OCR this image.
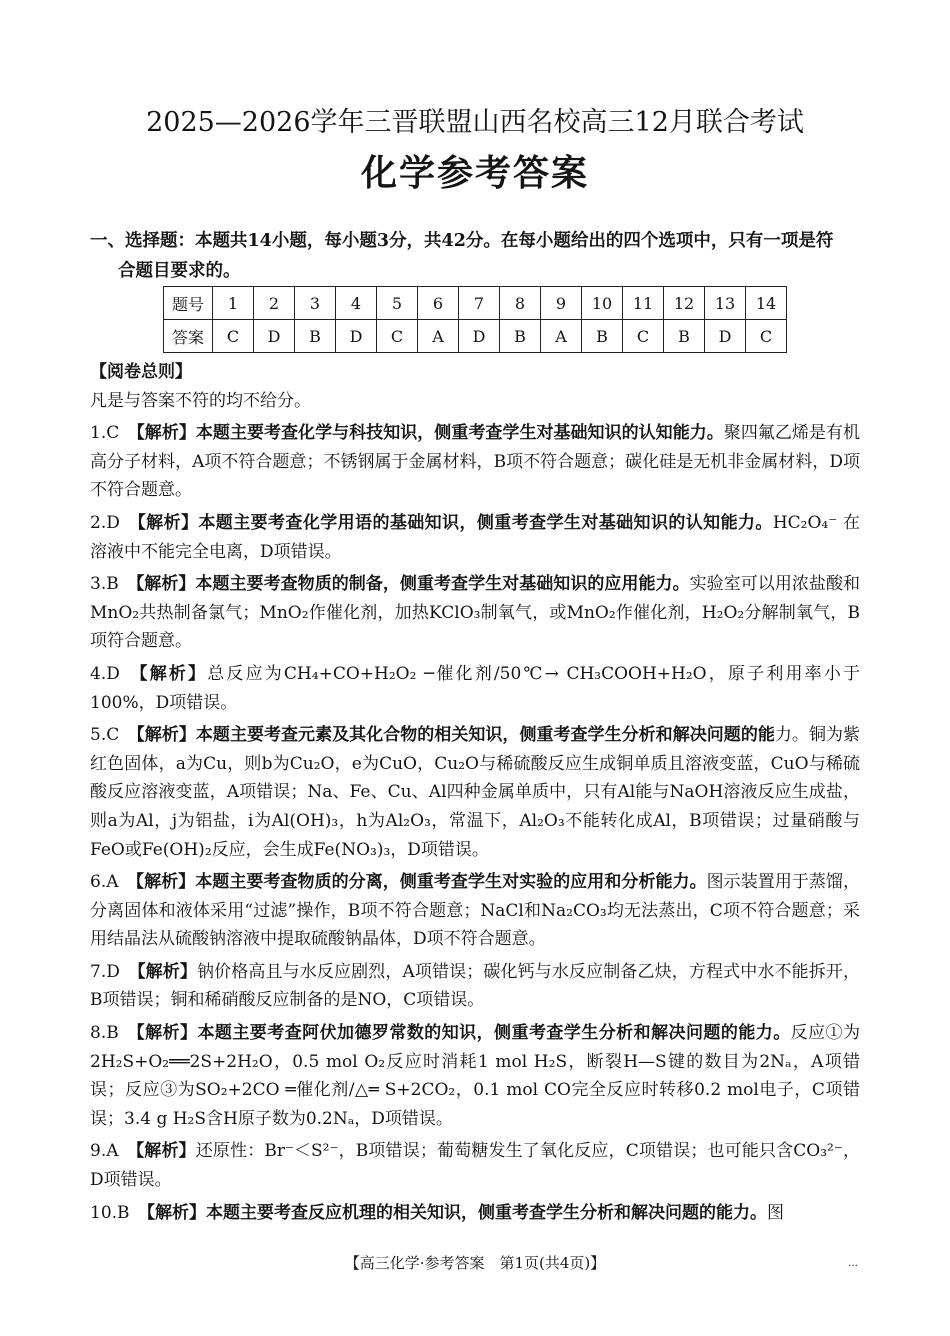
2025—2026学年三晋联盟山西名校高三12月联合考试
化学参考答案
一、选择题：本题共14小题，每小题3分，共42分。在每小题给出的四个选项中，只有一项是符
合题目要求的。
题号	1	2	3	4	5	6	7	8	9	10	11	12	13	14
答案	C	D	B	D	C	A	D	B	A	B	C	B	D	C

【阅卷总则】

凡是与答案不符的均不给分。

1.C 【解析】本题主要考查化学与科技知识，侧重考查学生对基础知识的认知能力。聚四氟乙烯是有机高分子材料，A项不符合题意；不锈钢属于金属材料，B项不符合题意；碳化硅是无机非金属材料，D项不符合题意。

2.D 【解析】本题主要考查化学用语的基础知识，侧重考查学生对基础知识的认知能力。HC₂O₄⁻ 在溶液中不能完全电离，D项错误。

3.B 【解析】本题主要考查物质的制备，侧重考查学生对基础知识的应用能力。实验室可以用浓盐酸和MnO₂共热制备氯气；MnO₂作催化剂，加热KClO₃制氧气，或MnO₂作催化剂，H₂O₂分解制氧气，B项符合题意。

4.D 【解析】总反应为CH₄+CO+H₂O₂ ─催化剂/50℃→ CH₃COOH+H₂O，原子利用率小于100%，D项错误。

5.C 【解析】本题主要考查元素及其化合物的相关知识，侧重考查学生分析和解决问题的能力。铜为紫红色固体，a为Cu，则b为Cu₂O，e为CuO，Cu₂O与稀硫酸反应生成铜单质且溶液变蓝，CuO与稀硫酸反应溶液变蓝，A项错误；Na、Fe、Cu、Al四种金属单质中，只有Al能与NaOH溶液反应生成盐，则a为Al，j为铝盐，i为Al(OH)₃，h为Al₂O₃，常温下，Al₂O₃不能转化成Al，B项错误；过量硝酸与FeO或Fe(OH)₂反应，会生成Fe(NO₃)₃，D项错误。

6.A 【解析】本题主要考查物质的分离，侧重考查学生对实验的应用和分析能力。图示装置用于蒸馏，分离固体和液体采用“过滤”操作，B项不符合题意；NaCl和Na₂CO₃均无法蒸出，C项不符合题意；采用结晶法从硫酸钠溶液中提取硫酸钠晶体，D项不符合题意。

7.D 【解析】钠价格高且与水反应剧烈，A项错误；碳化钙与水反应制备乙炔，方程式中水不能拆开，B项错误；铜和稀硝酸反应制备的是NO，C项错误。

8.B 【解析】本题主要考查阿伏加德罗常数的知识，侧重考查学生分析和解决问题的能力。反应①为2H₂S+O₂══2S+2H₂O，0.5 mol O₂反应时消耗1 mol H₂S，断裂H—S键的数目为2Nₐ，A项错误；反应③为SO₂+2CO ═催化剂/△═ S+2CO₂，0.1 mol CO完全反应时转移0.2 mol电子，C项错误；3.4 g H₂S含H原子数为0.2Nₐ，D项错误。

9.A 【解析】还原性：Br⁻＜S²⁻，B项错误；葡萄糖发生了氧化反应，C项错误；也可能只含CO₃²⁻，D项错误。

10.B 【解析】本题主要考查反应机理的相关知识，侧重考查学生分析和解决问题的能力。图

【高三化学·参考答案　第1页(共4页)】	…
